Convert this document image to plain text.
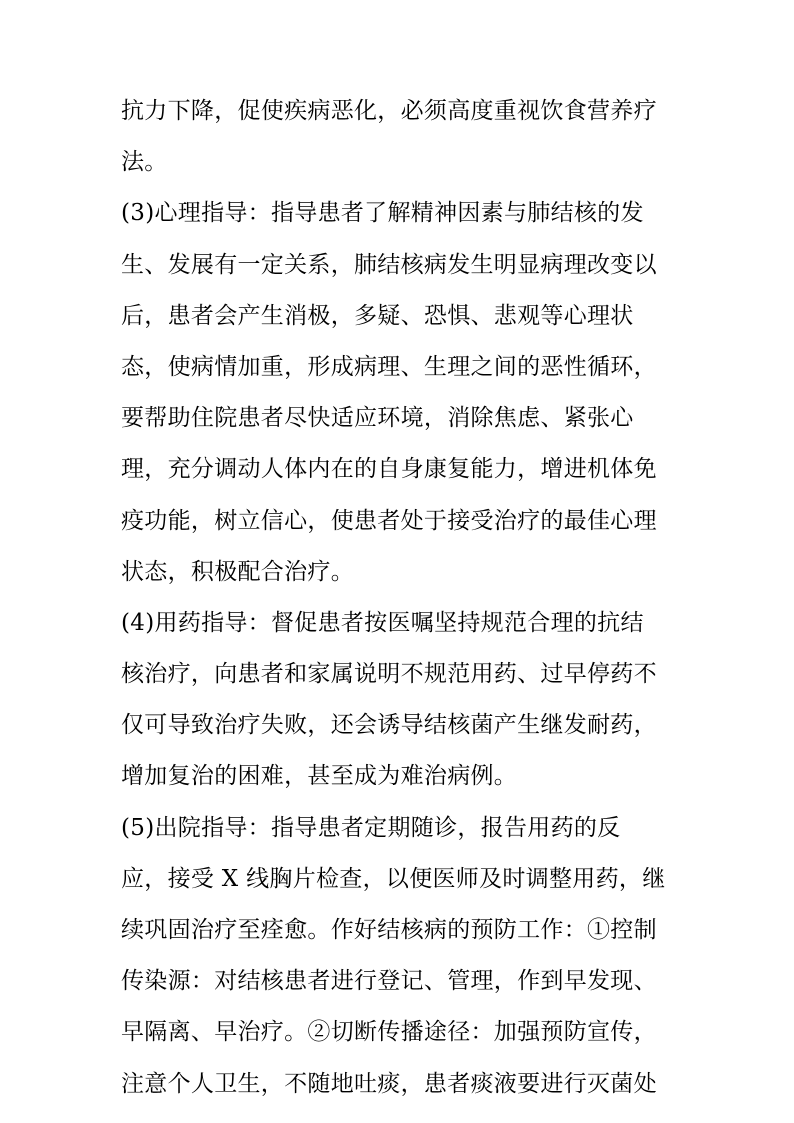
抗力下降，促使疾病恶化，必须高度重视饮食营养疗
法。
(3)心理指导：指导患者了解精神因素与肺结核的发
生、发展有一定关系，肺结核病发生明显病理改变以
后，患者会产生消极，多疑、恐惧、悲观等心理状
态，使病情加重，形成病理、生理之间的恶性循环，
要帮助住院患者尽快适应环境，消除焦虑、紧张心
理，充分调动人体内在的自身康复能力，增进机体免
疫功能，树立信心，使患者处于接受治疗的最佳心理
状态，积极配合治疗。
(4)用药指导：督促患者按医嘱坚持规范合理的抗结
核治疗，向患者和家属说明不规范用药、过早停药不
仅可导致治疗失败，还会诱导结核菌产生继发耐药，
增加复治的困难，甚至成为难治病例。
(5)出院指导：指导患者定期随诊，报告用药的反
应，接受 X 线胸片检查，以便医师及时调整用药，继
续巩固治疗至痊愈。作好结核病的预防工作：①控制
传染源：对结核患者进行登记、管理，作到早发现、
早隔离、早治疗。②切断传播途径：加强预防宣传，
注意个人卫生，不随地吐痰，患者痰液要进行灭菌处
